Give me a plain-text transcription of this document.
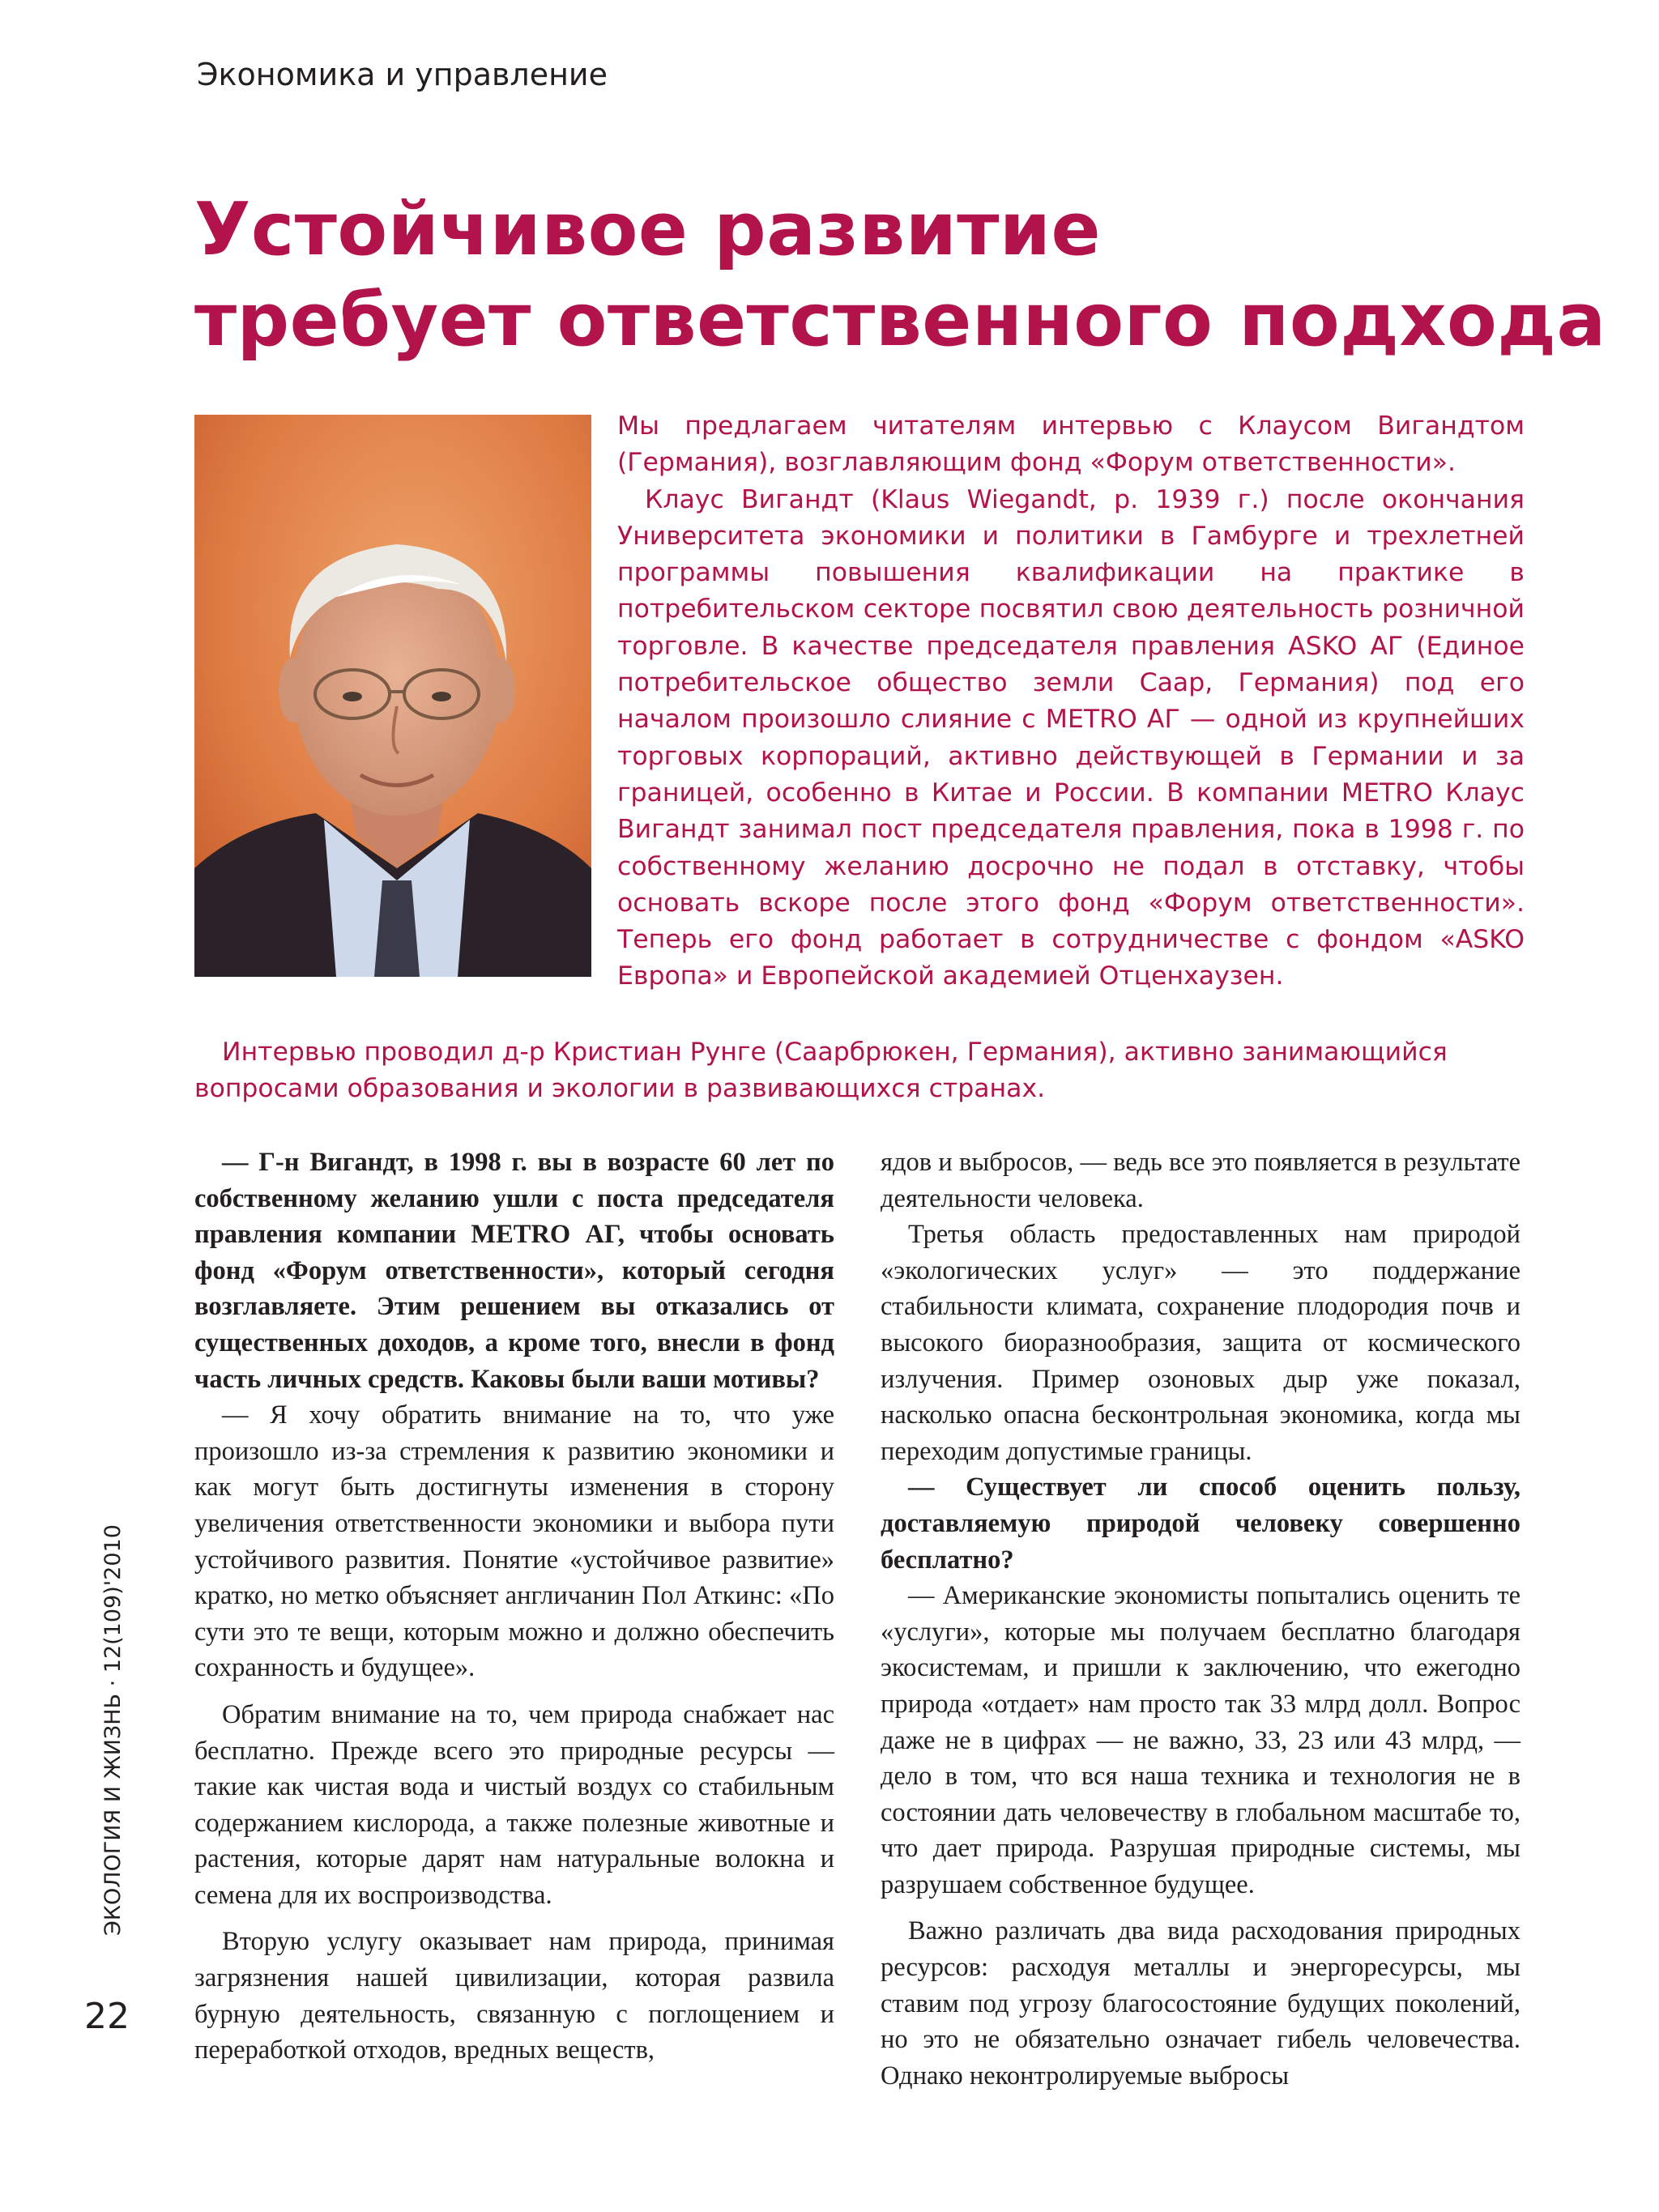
Экономика и управление
Устойчивое развитие
требует ответственного подхода

Мы предлагаем читателям интервью с Клаусом Вигандтом (Германия), возглавляющим фонд «Форум ответственности».

Клаус Вигандт (Klaus Wiegandt, р. 1939 г.) после окончания Университета экономики и политики в Гамбурге и трехлетней программы повышения квалификации на практике в потребительском секторе посвятил свою деятельность розничной торговле. В качестве председателя правления ASKO АГ (Единое потребительское общество земли Саар, Германия) под его началом произошло слияние с METRO АГ — одной из крупнейших торговых корпораций, активно действующей в Германии и за границей, особенно в Китае и России. В компании METRO Клаус Вигандт занимал пост председателя правления, пока в 1998 г. по собственному желанию досрочно не подал в отставку, чтобы основать вскоре после этого фонд «Форум ответственности». Теперь его фонд работает в сотрудничестве с фондом «ASKO Европа» и Европейской академией Отценхаузен.

Интервью проводил д-р Кристиан Рунге (Саарбрюкен, Германия), активно занимающийся вопросами образования и экологии в развивающихся странах.

— Г-н Вигандт, в 1998 г. вы в возрасте 60 лет по собственному желанию ушли с поста председателя правления компании METRO АГ, чтобы основать фонд «Форум ответственности», который сегодня возглавляете. Этим решением вы отказались от существенных доходов, а кроме того, внесли в фонд часть личных средств. Каковы были ваши мотивы?

— Я хочу обратить внимание на то, что уже произошло из-за стремления к развитию экономики и как могут быть достигнуты изменения в сторону увеличения ответственности экономики и выбора пути устойчивого развития. Понятие «устойчивое развитие» кратко, но метко объясняет англичанин Пол Аткинс: «По сути это те вещи, которым можно и должно обеспечить сохранность и будущее».

Обратим внимание на то, чем природа снабжает нас бесплатно. Прежде всего это природные ресурсы — такие как чистая вода и чистый воздух со стабильным содержанием кислорода, а также полезные животные и растения, которые дарят нам натуральные волокна и семена для их воспроизводства.

Вторую услугу оказывает нам природа, принимая загрязнения нашей цивилизации, которая развила бурную деятельность, связанную с поглощением и переработкой отходов, вредных веществ,

ядов и выбросов, — ведь все это появляется в результате деятельности человека.

Третья область предоставленных нам природой «экологических услуг» — это поддержание стабильности климата, сохранение плодородия почв и высокого биоразнообразия, защита от космического излучения. Пример озоновых дыр уже показал, насколько опасна бесконтрольная экономика, когда мы переходим допустимые границы.

— Существует ли способ оценить пользу, доставляемую природой человеку совершенно бесплатно?

— Американские экономисты попытались оценить те «услуги», которые мы получаем бесплатно благодаря экосистемам, и пришли к заключению, что ежегодно природа «отдает» нам просто так 33 млрд долл. Вопрос даже не в цифрах — не важно, 33, 23 или 43 млрд, — дело в том, что вся наша техника и технология не в состоянии дать человечеству в глобальном масштабе то, что дает природа. Разрушая природные системы, мы разрушаем собственное будущее.

Важно различать два вида расходования природных ресурсов: расходуя металлы и энергоресурсы, мы ставим под угрозу благосостояние будущих поколений, но это не обязательно означает гибель человечества. Однако неконтролируемые выбросы

ЭКОЛОГИЯ И ЖИЗНЬ · 12(109)'2010
22
